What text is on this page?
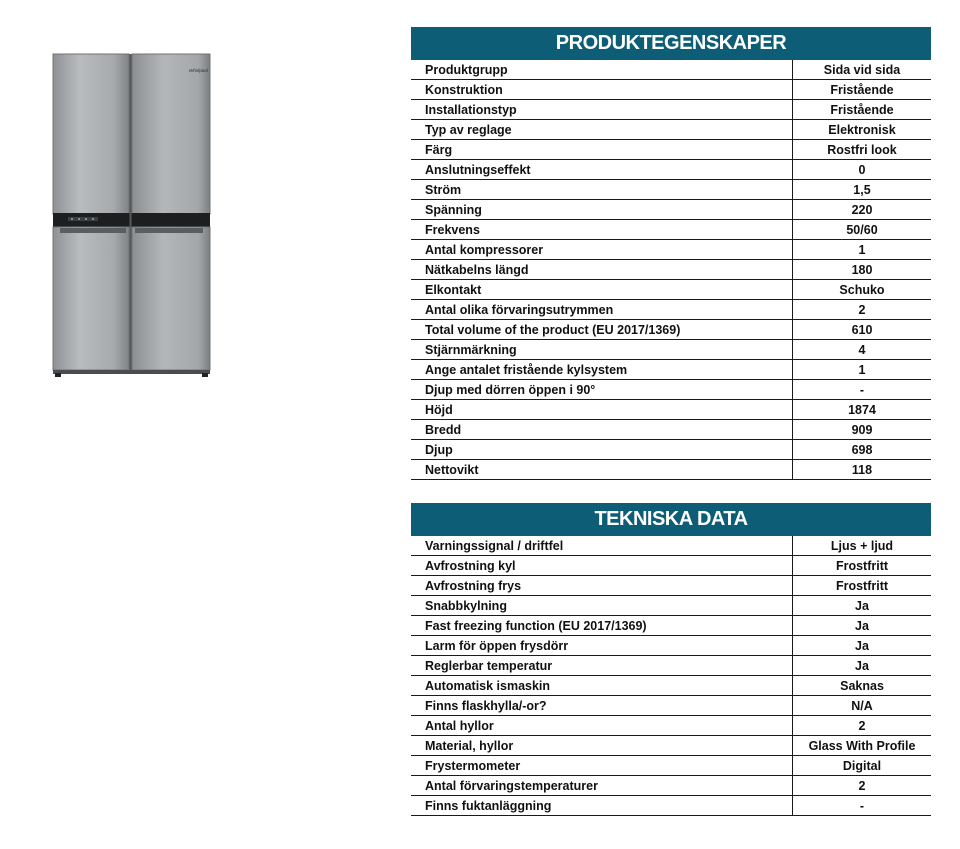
Whirlpool
PRODUKTEGENSKAPER
Produktgrupp	Sida vid sida
Konstruktion	Fristående
Installationstyp	Fristående
Typ av reglage	Elektronisk
Färg	Rostfri look
Anslutningseffekt	0
Ström	1,5
Spänning	220
Frekvens	50/60
Antal kompressorer	1
Nätkabelns längd	180
Elkontakt	Schuko
Antal olika förvaringsutrymmen	2
Total volume of the product (EU 2017/1369)	610
Stjärnmärkning	4
Ange antalet fristående kylsystem	1
Djup med dörren öppen i 90°	-
Höjd	1874
Bredd	909
Djup	698
Nettovikt	118
TEKNISKA DATA
Varningssignal / driftfel	Ljus + ljud
Avfrostning kyl	Frostfritt
Avfrostning frys	Frostfritt
Snabbkylning	Ja
Fast freezing function (EU 2017/1369)	Ja
Larm för öppen frysdörr	Ja
Reglerbar temperatur	Ja
Automatisk ismaskin	Saknas
Finns flaskhylla/-or?	N/A
Antal hyllor	2
Material, hyllor	Glass With Profile
Frystermometer	Digital
Antal förvaringstemperaturer	2
Finns fuktanläggning	-
